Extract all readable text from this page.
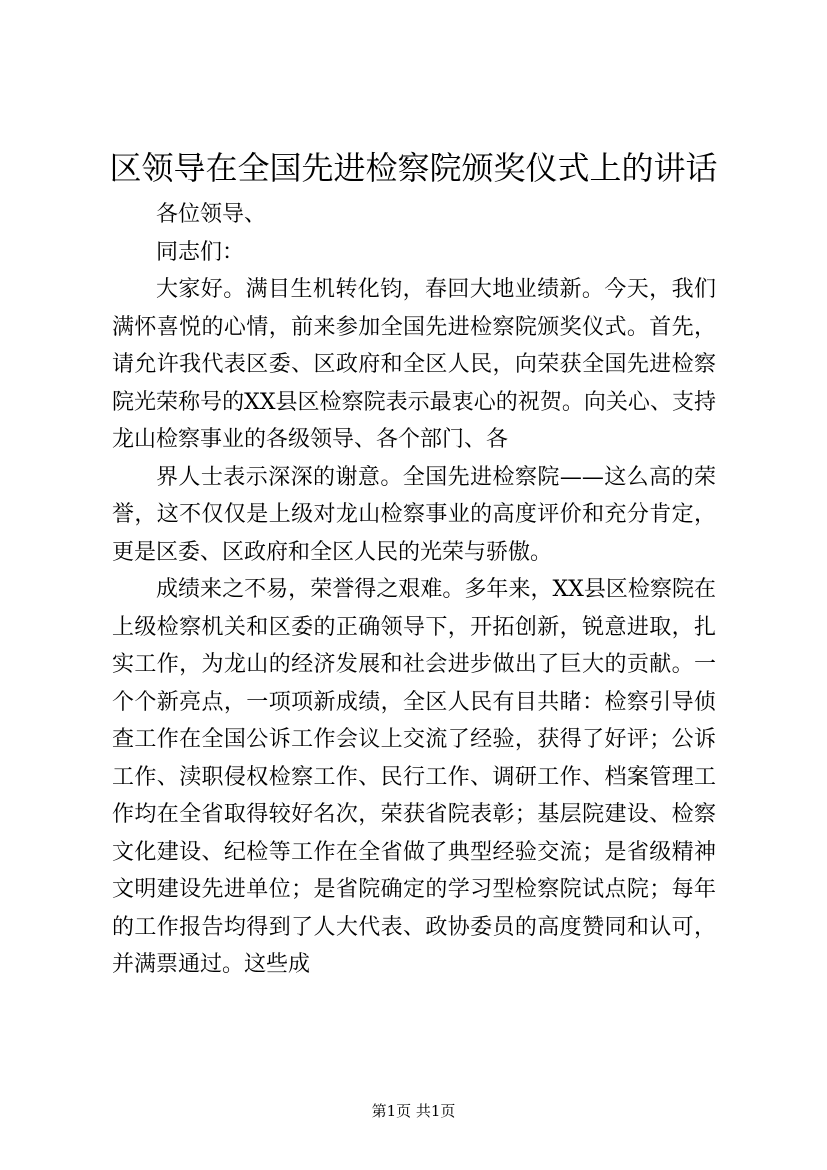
区领导在全国先进检察院颁奖仪式上的讲话

各位领导、

同志们：

大家好。满目生机转化钧，春回大地业绩新。今天，我们满怀喜悦的心情，前来参加全国先进检察院颁奖仪式。首先，请允许我代表区委、区政府和全区人民，向荣获全国先进检察院光荣称号的XX县区检察院表示最衷心的祝贺。向关心、支持龙山检察事业的各级领导、各个部门、各

界人士表示深深的谢意。全国先进检察院——这么高的荣誉，这不仅仅是上级对龙山检察事业的高度评价和充分肯定，更是区委、区政府和全区人民的光荣与骄傲。

成绩来之不易，荣誉得之艰难。多年来，XX县区检察院在上级检察机关和区委的正确领导下，开拓创新，锐意进取，扎实工作，为龙山的经济发展和社会进步做出了巨大的贡献。一个个新亮点，一项项新成绩，全区人民有目共睹：检察引导侦查工作在全国公诉工作会议上交流了经验，获得了好评；公诉工作、渎职侵权检察工作、民行工作、调研工作、档案管理工作均在全省取得较好名次，荣获省院表彰；基层院建设、检察文化建设、纪检等工作在全省做了典型经验交流；是省级精神文明建设先进单位；是省院确定的学习型检察院试点院；每年的工作报告均得到了人大代表、政协委员的高度赞同和认可，并满票通过。这些成

第1页 共1页
